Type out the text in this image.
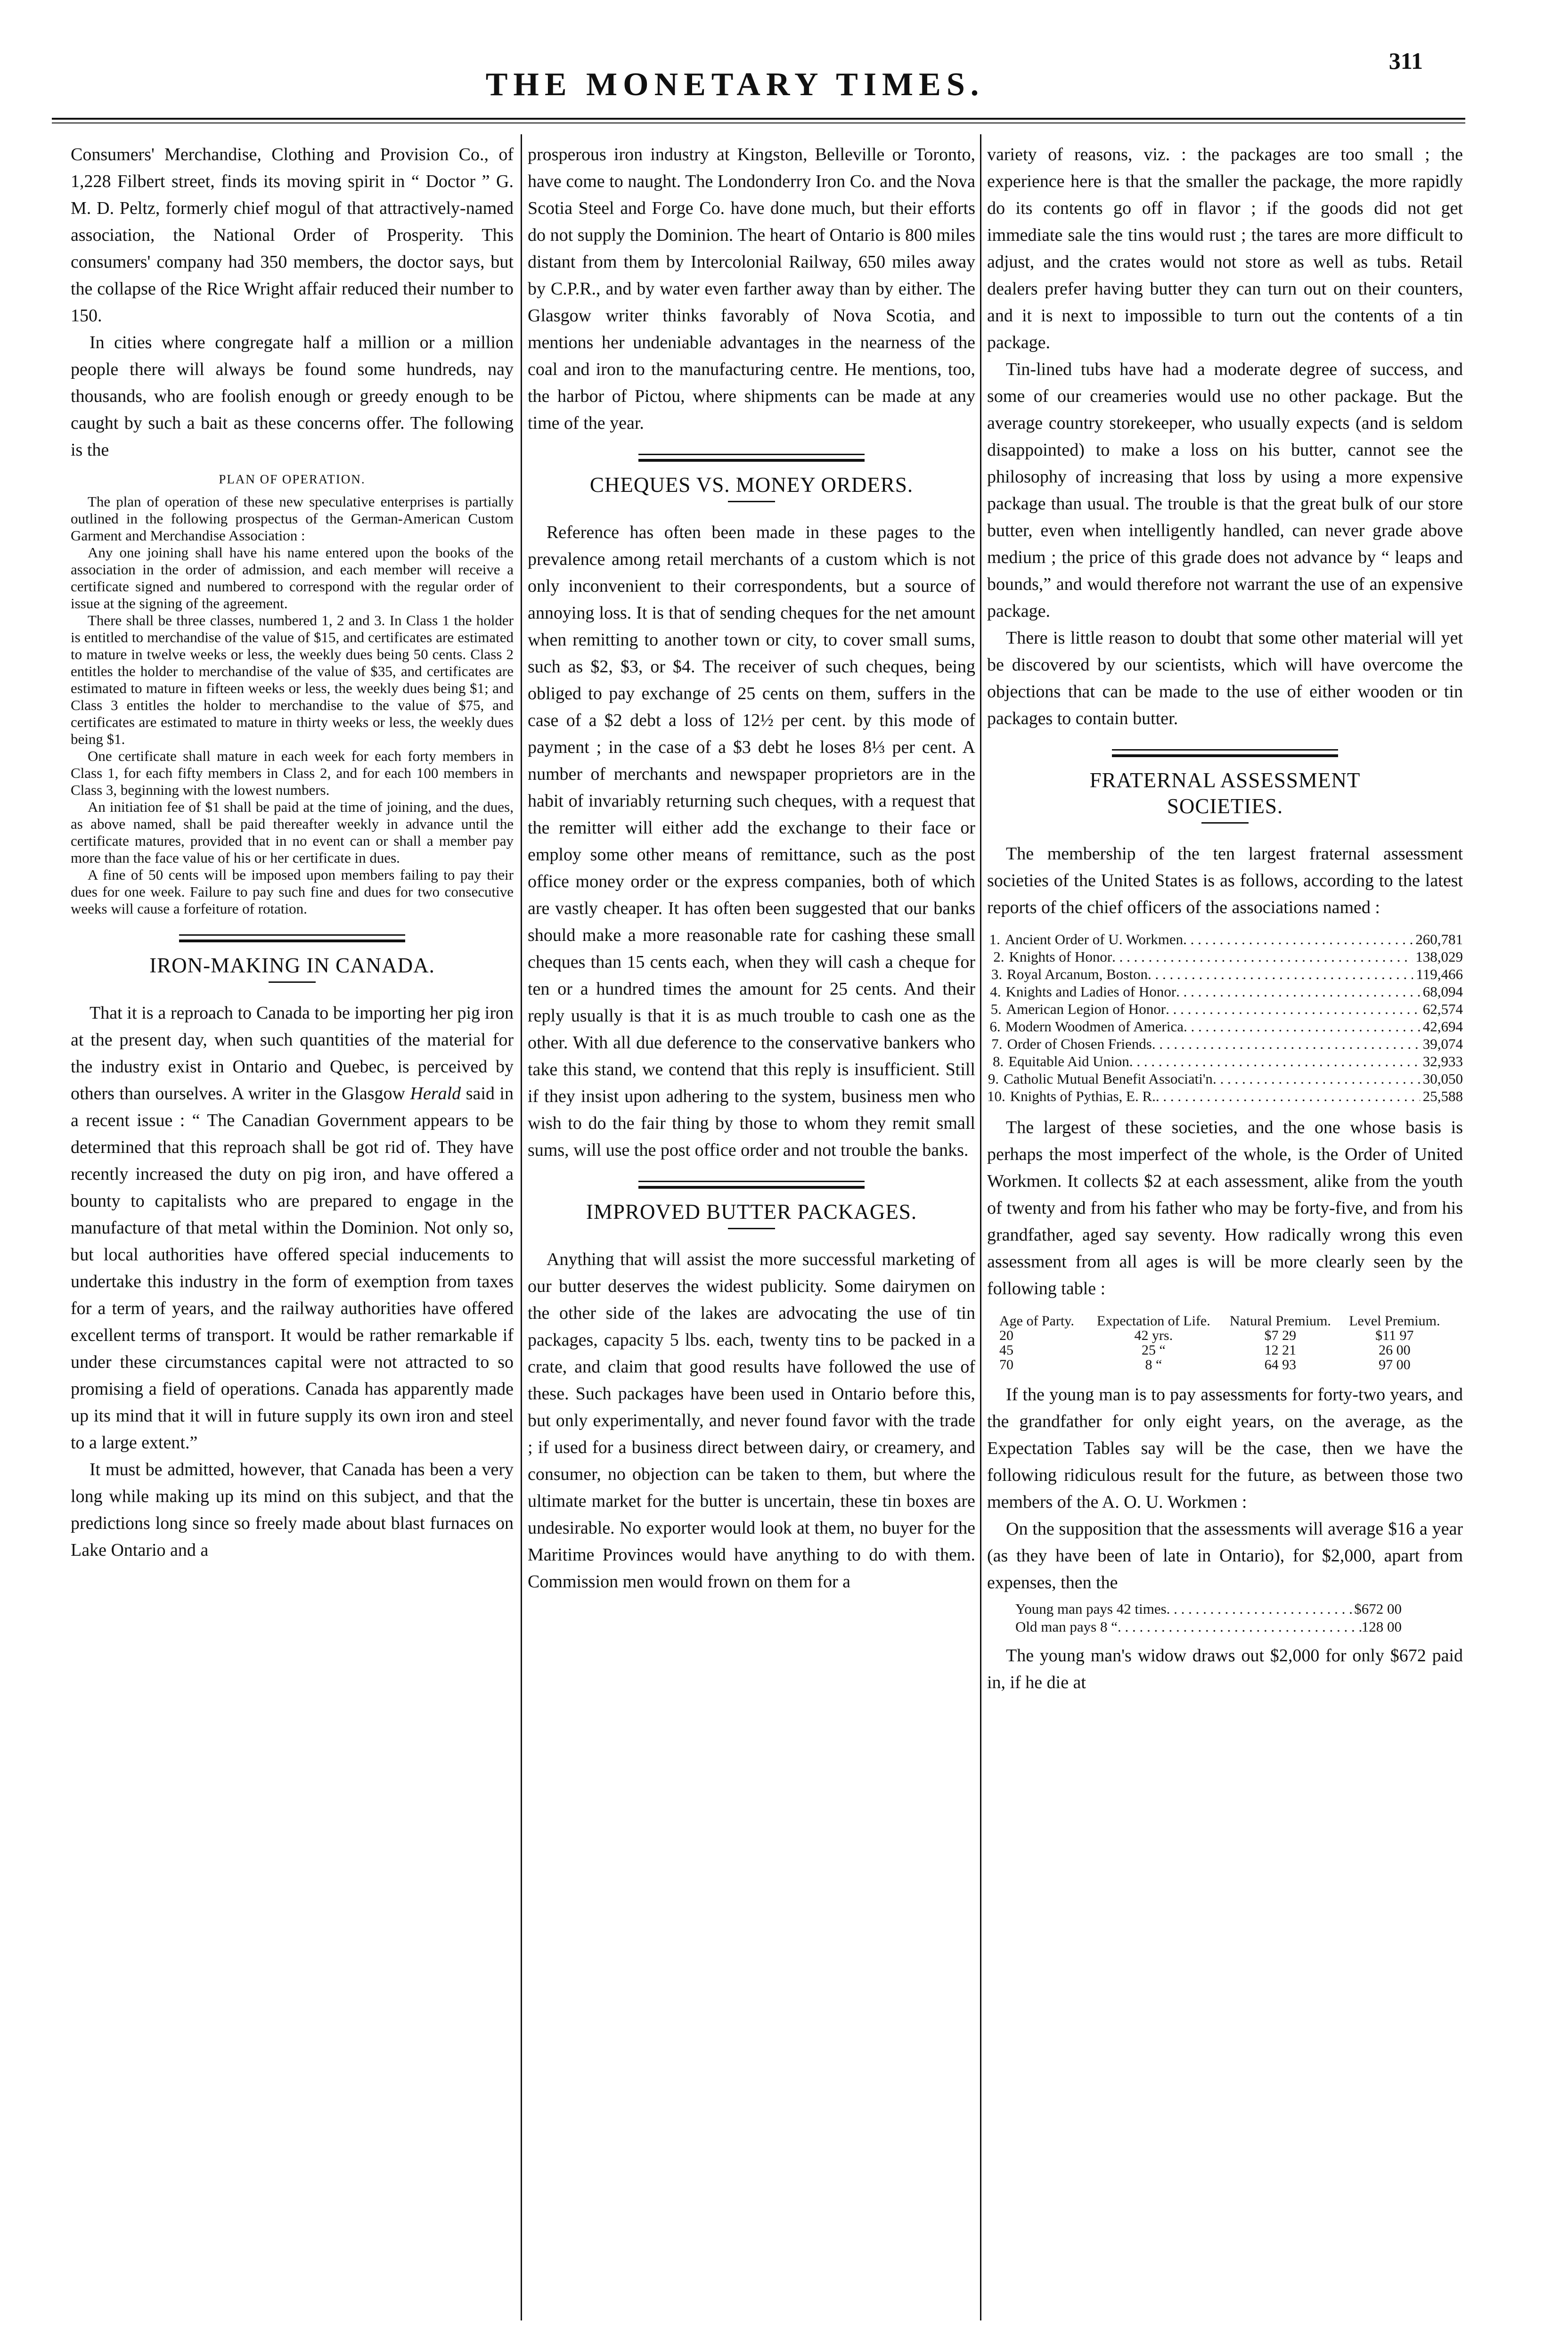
THE MONETARY TIMES.
311

Consumers' Merchandise, Clothing and Provision Co., of 1,228 Filbert street, finds its moving spirit in “ Doctor ” G. M. D. Peltz, formerly chief mogul of that attractively-named association, the National Order of Prosperity. This consumers' company had 350 members, the doctor says, but the collapse of the Rice Wright affair reduced their number to 150.

In cities where congregate half a million or a million people there will always be found some hundreds, nay thousands, who are foolish enough or greedy enough to be caught by such a bait as these concerns offer. The following is the

PLAN OF OPERATION.

The plan of operation of these new speculative enterprises is partially outlined in the following prospectus of the German-American Custom Garment and Merchandise Association :

Any one joining shall have his name entered upon the books of the association in the order of admission, and each member will receive a certificate signed and numbered to correspond with the regular order of issue at the signing of the agreement.

There shall be three classes, numbered 1, 2 and 3. In Class 1 the holder is entitled to merchandise of the value of $15, and certificates are estimated to mature in twelve weeks or less, the weekly dues being 50 cents. Class 2 entitles the holder to merchandise of the value of $35, and certificates are estimated to mature in fifteen weeks or less, the weekly dues being $1; and Class 3 entitles the holder to merchandise to the value of $75, and certificates are estimated to mature in thirty weeks or less, the weekly dues being $1.

One certificate shall mature in each week for each forty members in Class 1, for each fifty members in Class 2, and for each 100 members in Class 3, beginning with the lowest numbers.

An initiation fee of $1 shall be paid at the time of joining, and the dues, as above named, shall be paid thereafter weekly in advance until the certificate matures, provided that in no event can or shall a member pay more than the face value of his or her certificate in dues.

A fine of 50 cents will be imposed upon members failing to pay their dues for one week. Failure to pay such fine and dues for two consecutive weeks will cause a forfeiture of rotation.

IRON-MAKING IN CANADA.

That it is a reproach to Canada to be importing her pig iron at the present day, when such quantities of the material for the industry exist in Ontario and Quebec, is perceived by others than ourselves. A writer in the Glasgow Herald said in a recent issue : “ The Canadian Government appears to be determined that this reproach shall be got rid of. They have recently increased the duty on pig iron, and have offered a bounty to capitalists who are prepared to engage in the manufacture of that metal within the Dominion. Not only so, but local authorities have offered special inducements to undertake this industry in the form of exemption from taxes for a term of years, and the railway authorities have offered excellent terms of transport. It would be rather remarkable if under these circumstances capital were not attracted to so promising a field of operations. Canada has apparently made up its mind that it will in future supply its own iron and steel to a large extent.”

It must be admitted, however, that Canada has been a very long while making up its mind on this subject, and that the predictions long since so freely made about blast furnaces on Lake Ontario and a

prosperous iron industry at Kingston, Belleville or Toronto, have come to naught. The Londonderry Iron Co. and the Nova Scotia Steel and Forge Co. have done much, but their efforts do not supply the Dominion. The heart of Ontario is 800 miles distant from them by Intercolonial Railway, 650 miles away by C.P.R., and by water even farther away than by either. The Glasgow writer thinks favorably of Nova Scotia, and mentions her undeniable advantages in the nearness of the coal and iron to the manufacturing centre. He mentions, too, the harbor of Pictou, where shipments can be made at any time of the year.

CHEQUES VS. MONEY ORDERS.

Reference has often been made in these pages to the prevalence among retail merchants of a custom which is not only inconvenient to their correspondents, but a source of annoying loss. It is that of sending cheques for the net amount when remitting to another town or city, to cover small sums, such as $2, $3, or $4. The receiver of such cheques, being obliged to pay exchange of 25 cents on them, suffers in the case of a $2 debt a loss of 12½ per cent. by this mode of payment ; in the case of a $3 debt he loses 8⅓ per cent. A number of merchants and newspaper proprietors are in the habit of invariably returning such cheques, with a request that the remitter will either add the exchange to their face or employ some other means of remittance, such as the post office money order or the express companies, both of which are vastly cheaper. It has often been suggested that our banks should make a more reasonable rate for cashing these small cheques than 15 cents each, when they will cash a cheque for ten or a hundred times the amount for 25 cents. And their reply usually is that it is as much trouble to cash one as the other. With all due deference to the conservative bankers who take this stand, we contend that this reply is insufficient. Still if they insist upon adhering to the system, business men who wish to do the fair thing by those to whom they remit small sums, will use the post office order and not trouble the banks.

IMPROVED BUTTER PACKAGES.

Anything that will assist the more successful marketing of our butter deserves the widest publicity. Some dairymen on the other side of the lakes are advocating the use of tin packages, capacity 5 lbs. each, twenty tins to be packed in a crate, and claim that good results have followed the use of these. Such packages have been used in Ontario before this, but only experimentally, and never found favor with the trade ; if used for a business direct between dairy, or creamery, and consumer, no objection can be taken to them, but where the ultimate market for the butter is uncertain, these tin boxes are undesirable. No exporter would look at them, no buyer for the Maritime Provinces would have anything to do with them. Commission men would frown on them for a

variety of reasons, viz. : the packages are too small ; the experience here is that the smaller the package, the more rapidly do its contents go off in flavor ; if the goods did not get immediate sale the tins would rust ; the tares are more difficult to adjust, and the crates would not store as well as tubs. Retail dealers prefer having butter they can turn out on their counters, and it is next to impossible to turn out the contents of a tin package.

Tin-lined tubs have had a moderate degree of success, and some of our creameries would use no other package. But the average country storekeeper, who usually expects (and is seldom disappointed) to make a loss on his butter, cannot see the philosophy of increasing that loss by using a more expensive package than usual. The trouble is that the great bulk of our store butter, even when intelligently handled, can never grade above medium ; the price of this grade does not advance by “ leaps and bounds,” and would therefore not warrant the use of an expensive package.

There is little reason to doubt that some other material will yet be discovered by our scientists, which will have overcome the objections that can be made to the use of either wooden or tin packages to contain butter.

FRATERNAL ASSESSMENT
SOCIETIES.

The membership of the ten largest fraternal assessment societies of the United States is as follows, according to the latest reports of the chief officers of the associations named :

1. Ancient Order of U. Workmen . . .	260,781
2. Knights of Honor . . .	138,029
3. Royal Arcanum, Boston . . .	119,466
4. Knights and Ladies of Honor . . .	68,094
5. American Legion of Honor . . .	62,574
6. Modern Woodmen of America . . .	42,694
7. Order of Chosen Friends . . .	39,074
8. Equitable Aid Union . . .	32,933
9. Catholic Mutual Benefit Associati'n . . .	30,050
10. Knights of Pythias, E. R. . . .	25,588

The largest of these societies, and the one whose basis is perhaps the most imperfect of the whole, is the Order of United Workmen. It collects $2 at each assessment, alike from the youth of twenty and from his father who may be forty-five, and from his grandfather, aged say seventy. How radically wrong this even assessment from all ages is will be more clearly seen by the following table :

Age of Party.	Expectation of Life.	Natural Premium.	Level Premium.
20	42 yrs.	$7 29	$11 97
45	25 “	12 21	26 00
70	8 “	64 93	97 00

If the young man is to pay assessments for forty-two years, and the grandfather for only eight years, on the average, as the Expectation Tables say will be the case, then we have the following ridiculous result for the future, as between those two members of the A. O. U. Workmen :

On the supposition that the assessments will average $16 a year (as they have been of late in Ontario), for $2,000, apart from expenses, then the

Young man pays 42 times . . .	$672 00
Old man pays 8 “ . . .	128 00

The young man's widow draws out $2,000 for only $672 paid in, if he die at
